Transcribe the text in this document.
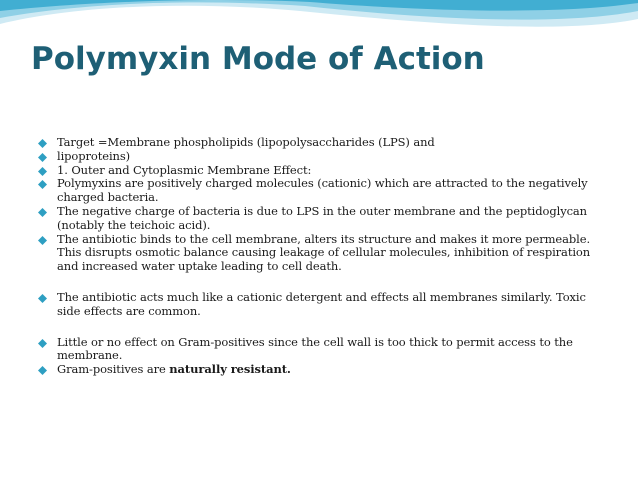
Polymyxin Mode of Action
Target =Membrane phospholipids (lipopolysaccharides (LPS) and
lipoproteins)
1. Outer and Cytoplasmic Membrane Effect:
Polymyxins are positively charged molecules (cationic) which are attracted to the negatively charged bacteria.
The negative charge of bacteria is due to LPS in the outer membrane and the peptidoglycan (notably the teichoic acid).
The antibiotic binds to the cell membrane, alters its structure and makes it more permeable. This disrupts osmotic balance causing leakage of cellular molecules, inhibition of respiration and increased water uptake leading to cell death.
The antibiotic acts much like a cationic detergent and effects all membranes similarly. Toxic side effects are common.
Little or no effect on Gram-positives since the cell wall is too thick to permit access to the membrane.
Gram-positives are naturally resistant.
